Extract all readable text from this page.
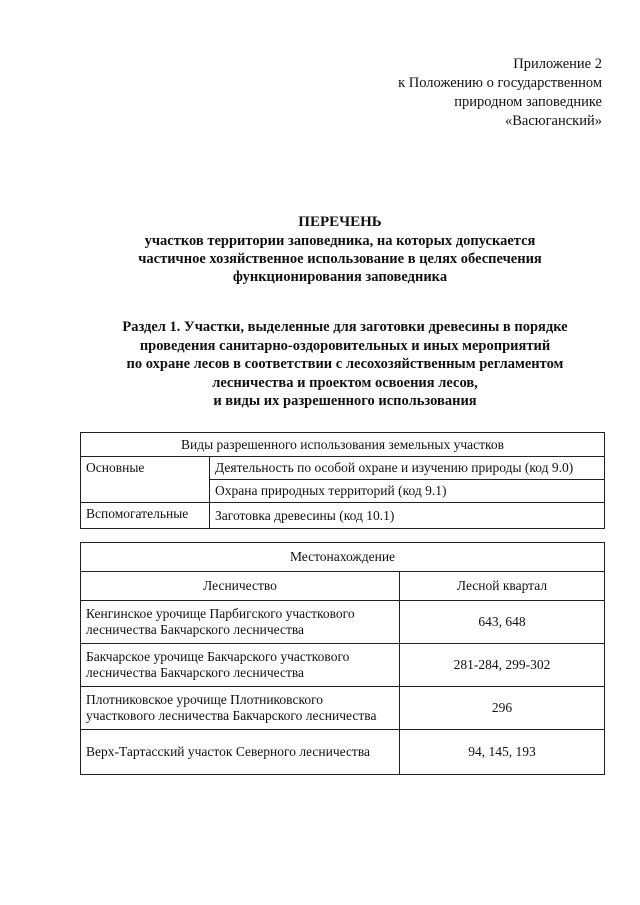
Приложение 2
к Положению о государственном
природном заповеднике
«Васюганский»
ПЕРЕЧЕНЬ
участков территории заповедника, на которых допускается
частичное хозяйственное использование в целях обеспечения
функционирования заповедника
Раздел 1. Участки, выделенные для заготовки древесины в порядке
проведения санитарно-оздоровительных и иных мероприятий
по охране лесов в соответствии с лесохозяйственным регламентом
лесничества и проектом освоения лесов,
и виды их разрешенного использования
Виды разрешенного использования земельных участков	
Основные	Деятельность по особой охране и изучению природы (код 9.0)
	Охрана природных территорий (код 9.1)
Вспомогательные	Заготовка древесины (код 10.1)
Местонахождение	
Лесничество	Лесной квартал
Кенгинское урочище Парбигского участкового лесничества Бакчарского лесничества	643, 648
Бакчарское урочище Бакчарского участкового лесничества Бакчарского лесничества	281-284, 299-302
Плотниковское урочище Плотниковского участкового лесничества Бакчарского лесничества	296
Верх-Тартасский участок Северного лесничества	94, 145, 193
